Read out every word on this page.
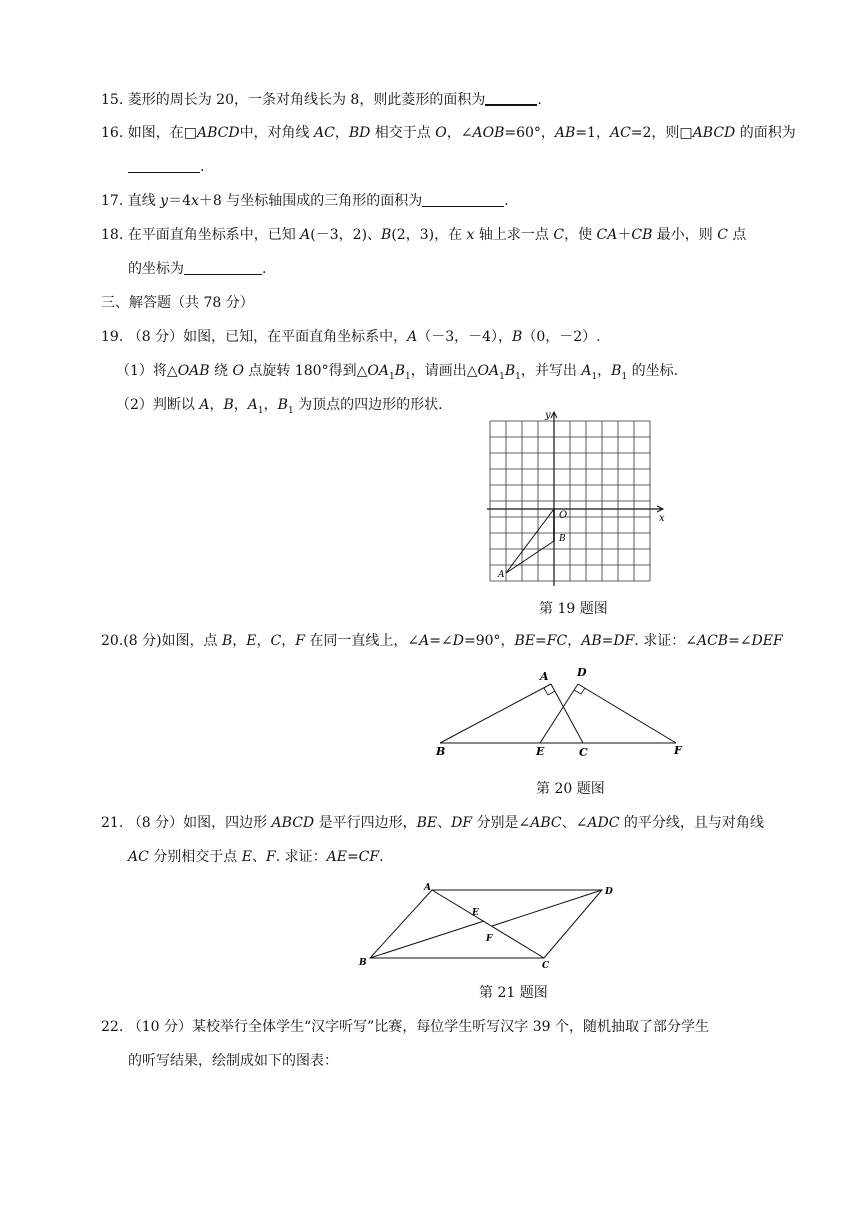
15. 菱形的周长为 20，一条对角线长为 8，则此菱形的面积为	.
16. 如图，在□ABCD中，对角线 AC，BD 相交于点 O，∠AOB=60°，AB=1，AC=2，则□ABCD 的面积为
.
17. 直线 y＝4x＋8 与坐标轴围成的三角形的面积为	.
18. 在平面直角坐标系中，已知 A(－3，2)、B(2，3)，在 x 轴上求一点 C，使 CA＋CB 最小，则 C 点
的坐标为	.
三、解答题（共 78 分）
19. （8 分）如图，已知，在平面直角坐标系中，A（－3，－4），B（0，－2）.
（1）将△OAB 绕 O 点旋转 180°得到$\triangle OA_1B_1$，请画出$\triangle OA_1B_1$，并写出 $A_1$，$B_1$ 的坐标.
（2）判断以 A，B，$A_1$，$B_1$ 为顶点的四边形的形状.
x
y
O
A
B
第 19 题图
20.(8 分)如图，点 B，E，C，F 在同一直线上，∠A=∠D=90°，BE=FC，AB=DF. 求证：∠ACB=∠DEF
A	D
B	E	C	F
第 20 题图
21. （8 分）如图，四边形 ABCD 是平行四边形，BE、DF 分别是∠ABC、∠ADC 的平分线，且与对角线
AC 分别相交于点 E、F. 求证：AE=CF.
A	D
B	C
E
F
第 21 题图
22. （10 分）某校举行全体学生“汉字听写”比赛，每位学生听写汉字 39 个，随机抽取了部分学生
的听写结果，绘制成如下的图表：
